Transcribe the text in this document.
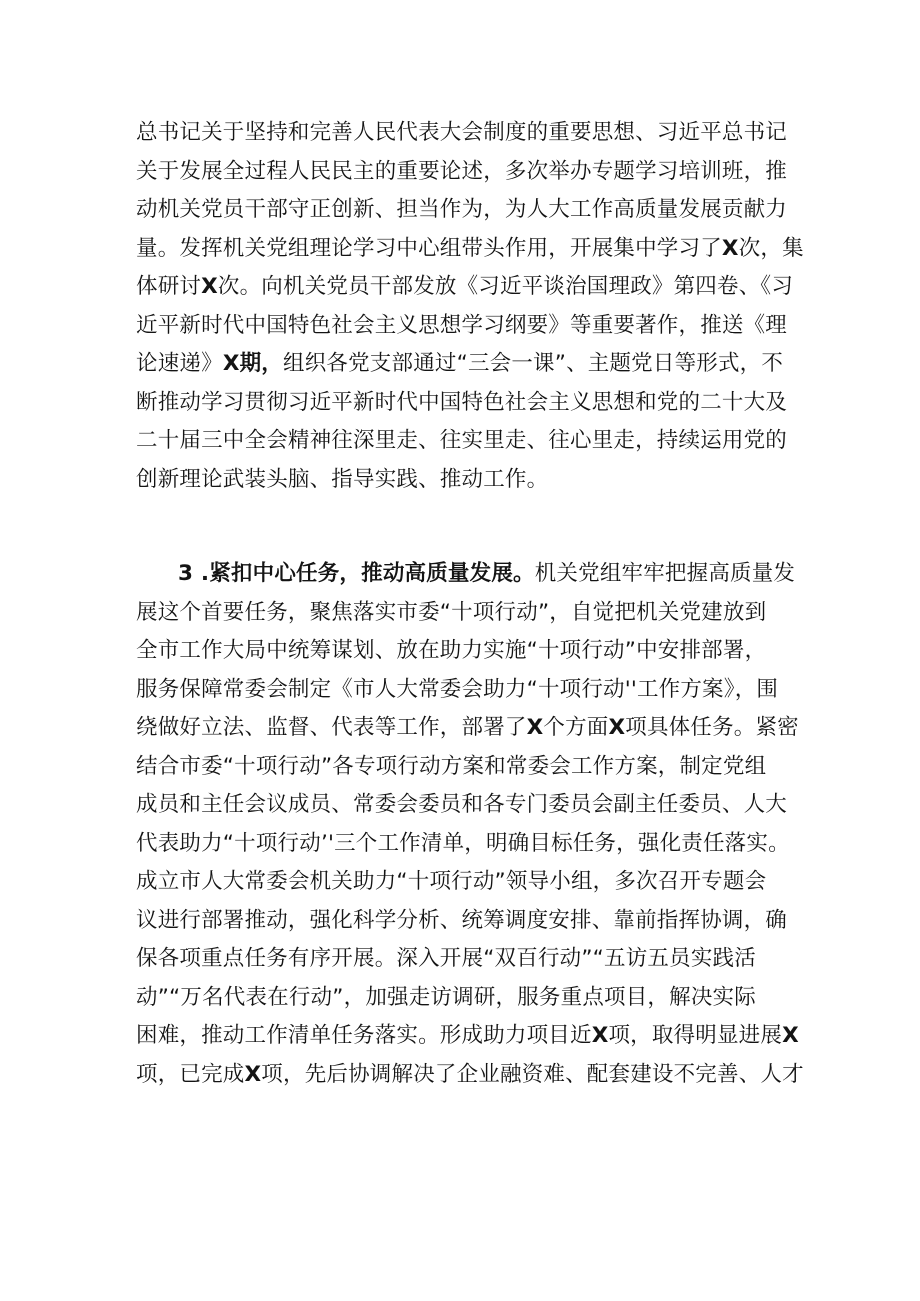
总书记关于坚持和完善人民代表大会制度的重要思想、习近平总书记
关于发展全过程人民民主的重要论述，多次举办专题学习培训班，推
动机关党员干部守正创新、担当作为，为人大工作高质量发展贡献力
量。发挥机关党组理论学习中心组带头作用，开展集中学习了X次，集
体研讨X次。向机关党员干部发放《习近平谈治国理政》第四卷、《习
近平新时代中国特色社会主义思想学习纲要》等重要著作，推送《理
论速递》X期，组织各党支部通过“三会一课”、主题党日等形式，不
断推动学习贯彻习近平新时代中国特色社会主义思想和党的二十大及
二十届三中全会精神往深里走、往实里走、往心里走，持续运用党的
创新理论武装头脑、指导实践、推动工作。
3 .紧扣中心任务，推动高质量发展。机关党组牢牢把握高质量发
展这个首要任务，聚焦落实市委“十项行动”，自觉把机关党建放到
全市工作大局中统筹谋划、放在助力实施“十项行动”中安排部署，
服务保障常委会制定《市人大常委会助力“十项行动''工作方案》，围
绕做好立法、监督、代表等工作，部署了X个方面X项具体任务。紧密
结合市委“十项行动”各专项行动方案和常委会工作方案，制定党组
成员和主任会议成员、常委会委员和各专门委员会副主任委员、人大
代表助力“十项行动’'三个工作清单，明确目标任务，强化责任落实。
成立市人大常委会机关助力“十项行动”领导小组，多次召开专题会
议进行部署推动，强化科学分析、统筹调度安排、靠前指挥协调，确
保各项重点任务有序开展。深入开展“双百行动”“五访五员实践活
动”“万名代表在行动”，加强走访调研，服务重点项目，解决实际
困难，推动工作清单任务落实。形成助力项目近X项，取得明显进展X
项，已完成X项，先后协调解决了企业融资难、配套建设不完善、人才
